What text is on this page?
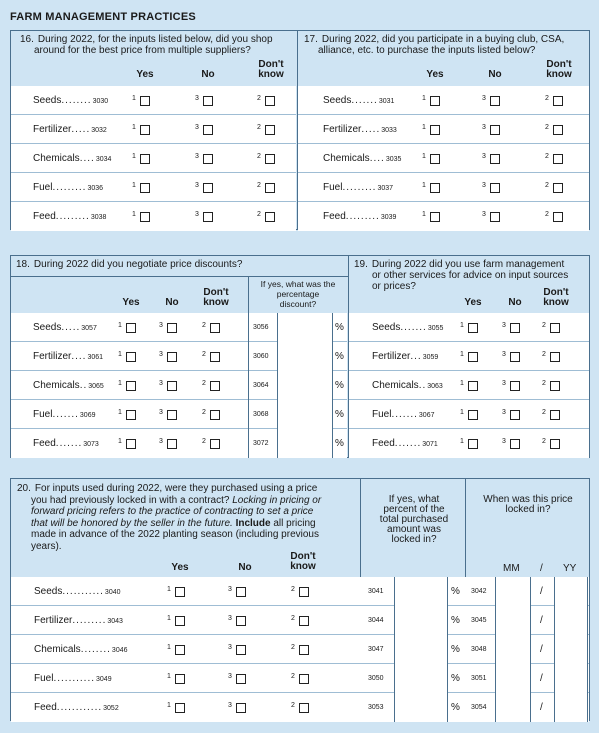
FARM MANAGEMENT PRACTICES
16. During 2022, for the inputs listed below, did you shop
around for the best price from multiple suppliers?
Yes	No
Don't
know
Seeds........3030	1	3	2
Fertilizer.....3032	1	3	2
Chemicals....3034	1	3	2
Fuel.........3036	1	3	2
Feed.........3038	1	3	2
17. During 2022, did you participate in a buying club, CSA,
alliance, etc. to purchase the inputs listed below?
Yes	No
Don't
know
Seeds.......3031	1	3	2
Fertilizer.....3033	1	3	2
Chemicals....3035	1	3	2
Fuel.........3037	1	3	2
Feed.........3039	1	3	2
18. During 2022 did you negotiate price discounts?
Yes	No
Don't
know
Seeds.....3057	1	3	2	3056	%
Fertilizer....3061 1	3	2	3060	%
Chemicals..3065 1	3	2	3064	%
Fuel.......3069	1	3	2	3068	%
Feed.......3073	1	3	2	3072	%
If yes, what was the
percentage
discount?
19. During 2022 did you use farm management
or other services for advice on input sources
or prices?
Yes	No
Don't
know
Seeds.......3055 1	3	2
Fertilizer...3059	1	3	2
Chemicals..3063 1	3	2
Fuel.......3067	1	3	2
Feed.......3071	1	3	2
20. For inputs used during 2022, were they purchased using a price
you had previously locked in with a contract? Locking in pricing or
forward pricing refers to the practice of contracting to set a price
that will be honored by the seller in the future. Include all pricing
made in advance of the 2022 planting season (including previous
years).
Yes	No
Don't
know
If yes, what
percent of the
total purchased
amount was
locked in?
When was this price
locked in?
MM / YY
Seeds...........3040	1	3	2	3041	% 3042	/
Fertilizer.........3043	1	3	2	3044	% 3045	/
Chemicals........3046	1	3	2	3047	% 3048	/
Fuel...........3049	1	3	2	3050	% 3051	/
Feed............3052	1	3	2	3053	% 3054	/
